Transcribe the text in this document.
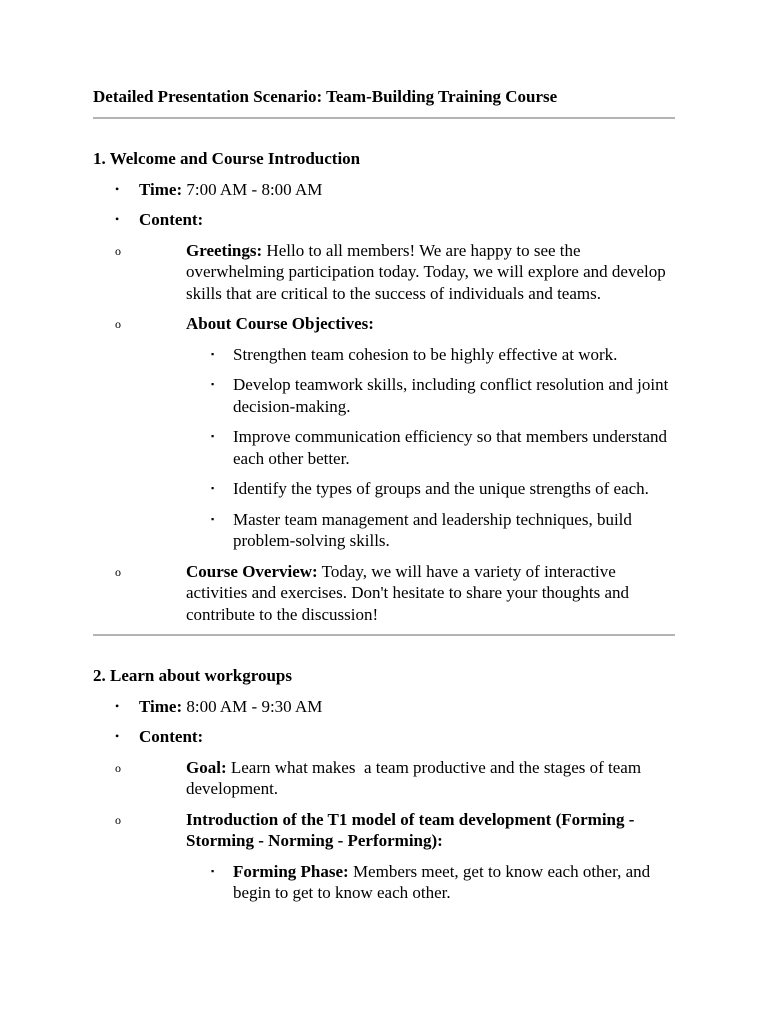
Detailed Presentation Scenario: Team-Building Training Course
1. Welcome and Course Introduction
• Time: 7:00 AM - 8:00 AM
• Content:
o	Greetings: Hello to all members! We are happy to see the overwhelming participation today. Today, we will explore and develop skills that are critical to the success of individuals and teams.
o	About Course Objectives:
▪ Strengthen team cohesion to be highly effective at work.
▪ Develop teamwork skills, including conflict resolution and joint decision-making.
▪ Improve communication efficiency so that members understand each other better.
▪ Identify the types of groups and the unique strengths of each.
▪ Master team management and leadership techniques, build problem-solving skills.
o	Course Overview: Today, we will have a variety of interactive activities and exercises. Don't hesitate to share your thoughts and contribute to the discussion!
2. Learn about workgroups
• Time: 8:00 AM - 9:30 AM
• Content:
o	Goal: Learn what makes  a team productive and the stages of team development.
o	Introduction of the T1 model of team development (Forming - Storming - Norming - Performing):
▪ Forming Phase: Members meet, get to know each other, and begin to get to know each other.
